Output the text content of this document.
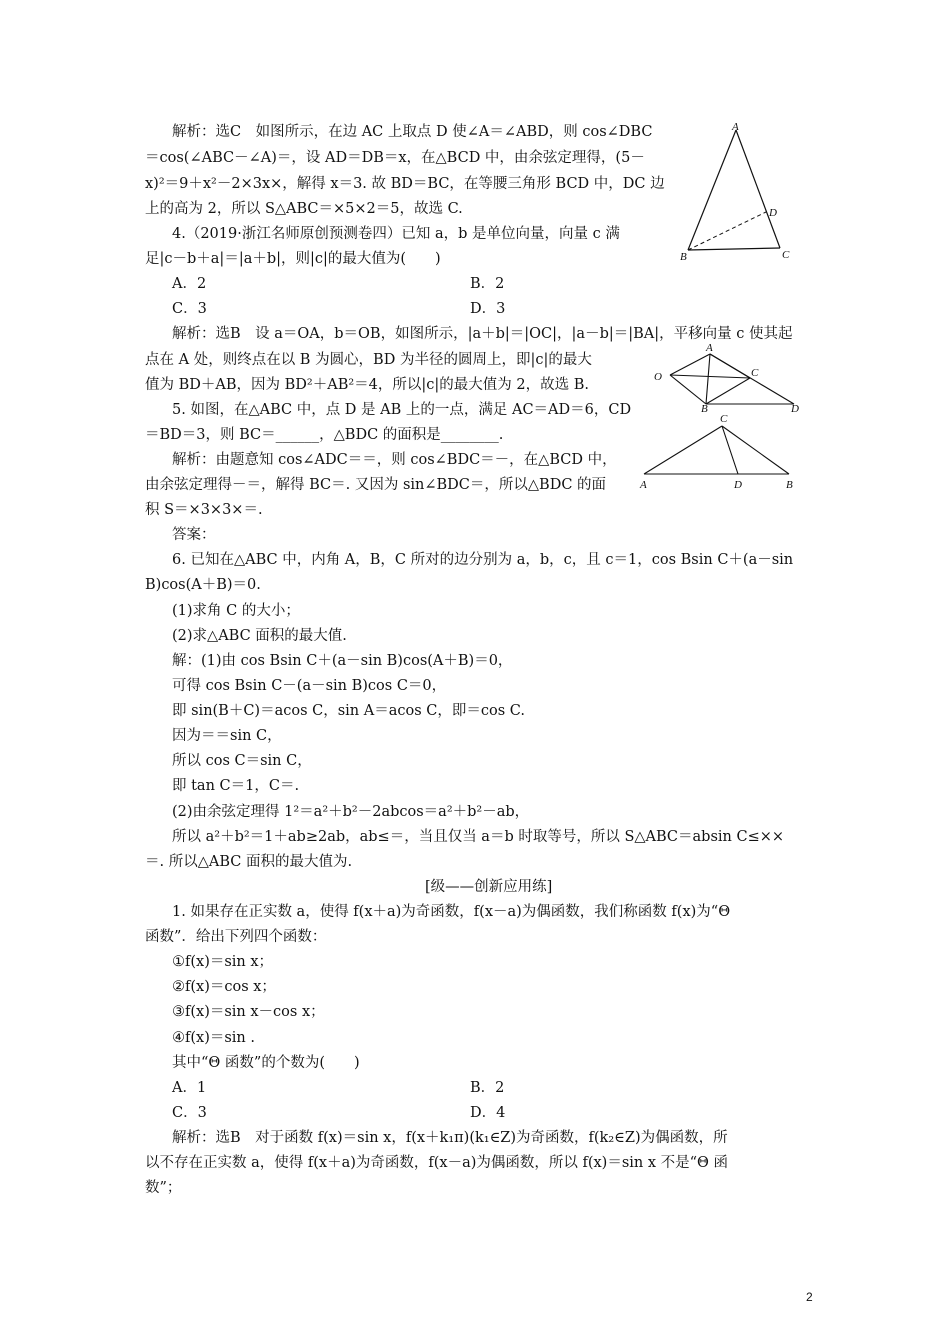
解析：选C　如图所示，在边 AC 上取点 D 使∠A＝∠ABD，则 cos∠DBC
＝cos(∠ABC－∠A)＝，设 AD＝DB＝x，在△BCD 中，由余弦定理得，(5－
x)²＝9＋x²－2×3x×，解得 x＝3. 故 BD＝BC，在等腰三角形 BCD 中，DC 边
上的高为 2，所以 S△ABC＝×5×2＝5，故选 C.
4.（2019·浙江名师原创预测卷四）已知 a，b 是单位向量，向量 c 满
足|c－b＋a|＝|a＋b|，则|c|的最大值为(　　)
A．2	B．2
C．3	D．3
解析：选B　设 a＝OA，b＝OB，如图所示，|a＋b|＝|OC|，|a－b|＝|BA|，平移向量 c 使其起
点在 A 处，则终点在以 B 为圆心，BD 为半径的圆周上，即|c|的最大
值为 BD＋AB，因为 BD²＋AB²＝4，所以|c|的最大值为 2，故选 B.
5. 如图，在△ABC 中，点 D 是 AB 上的一点，满足 AC＝AD＝6，CD
＝BD＝3，则 BC＝______，△BDC 的面积是________.
解析：由题意知 cos∠ADC＝＝，则 cos∠BDC＝－，在△BCD 中，
由余弦定理得－＝，解得 BC＝. 又因为 sin∠BDC＝，所以△BDC 的面
积 S＝×3×3×＝.
答案：
6. 已知在△ABC 中，内角 A，B，C 所对的边分别为 a，b，c，且 c＝1，cos Bsin C＋(a－sin
B)cos(A＋B)＝0.
(1)求角 C 的大小；
(2)求△ABC 面积的最大值.
解：(1)由 cos Bsin C＋(a－sin B)cos(A＋B)＝0，
可得 cos Bsin C－(a－sin B)cos C＝0，
即 sin(B＋C)＝acos C，sin A＝acos C，即＝cos C.
因为＝＝sin C，
所以 cos C＝sin C，
即 tan C＝1，C＝.
(2)由余弦定理得 1²＝a²＋b²－2abcos＝a²＋b²－ab，
所以 a²＋b²＝1＋ab≥2ab，ab≤＝，当且仅当 a＝b 时取等号，所以 S△ABC＝absin C≤××
＝. 所以△ABC 面积的最大值为.
[级——创新应用练]
1. 如果存在正实数 a，使得 f(x＋a)为奇函数，f(x－a)为偶函数，我们称函数 f(x)为“Θ
函数”．给出下列四个函数：
①f(x)＝sin x；
②f(x)＝cos x；
③f(x)＝sin x－cos x；
④f(x)＝sin .
其中“Θ 函数”的个数为(　　)
A．1	B．2
C．3	D．4
解析：选B　对于函数 f(x)＝sin x，f(x＋k₁π)(k₁∈Z)为奇函数，f(k₂∈Z)为偶函数，所
以不存在正实数 a，使得 f(x＋a)为奇函数，f(x－a)为偶函数，所以 f(x)＝sin x 不是“Θ 函
数”；
A
D
B	C
A
C
O
B	D
C
A	D	B
2
